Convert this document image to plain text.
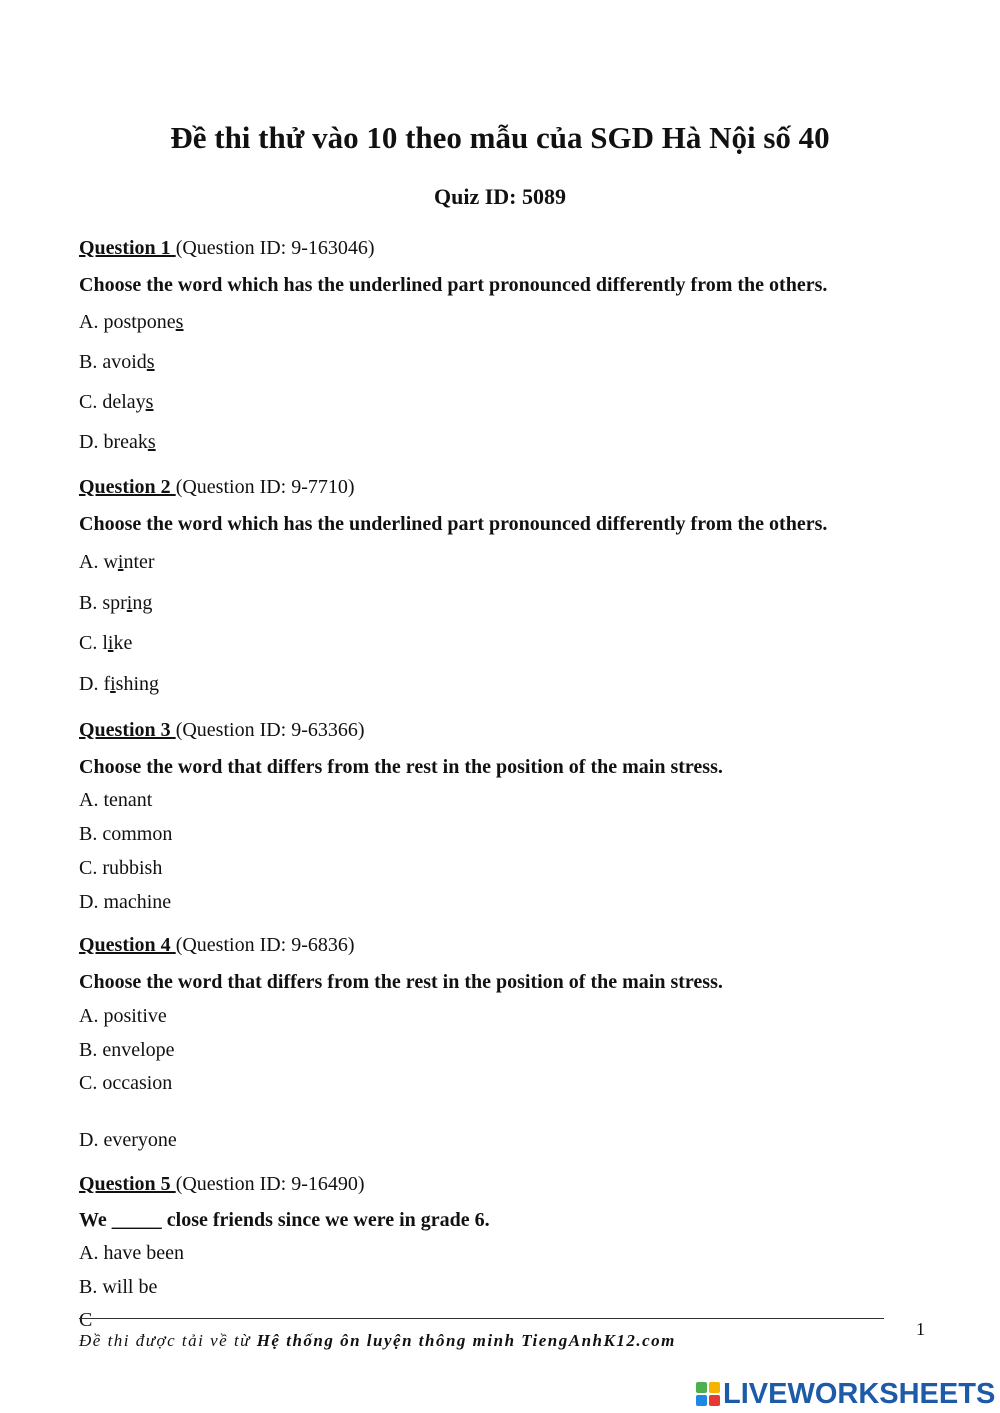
Đề thi thử vào 10 theo mẫu của SGD Hà Nội số 40
Quiz ID: 5089
Question 1 (Question ID: 9-163046)
Choose the word which has the underlined part pronounced differently from the others.
A. postpones
B. avoids
C. delays
D. breaks
Question 2 (Question ID: 9-7710)
Choose the word which has the underlined part pronounced differently from the others.
A. winter
B. spring
C. like
D. fishing
Question 3 (Question ID: 9-63366)
Choose the word that differs from the rest in the position of the main stress.
A. tenant
B. common
C. rubbish
D. machine
Question 4 (Question ID: 9-6836)
Choose the word that differs from the rest in the position of the main stress.
A. positive
B. envelope
C. occasion
D. everyone
Question 5 (Question ID: 9-16490)
We _____ close friends since we were in grade 6.
A. have been
B. will be
C
Đề thi được tải về từ Hệ thống ôn luyện thông minh TiengAnhK12.com
1
LIVEWORKSHEETS
